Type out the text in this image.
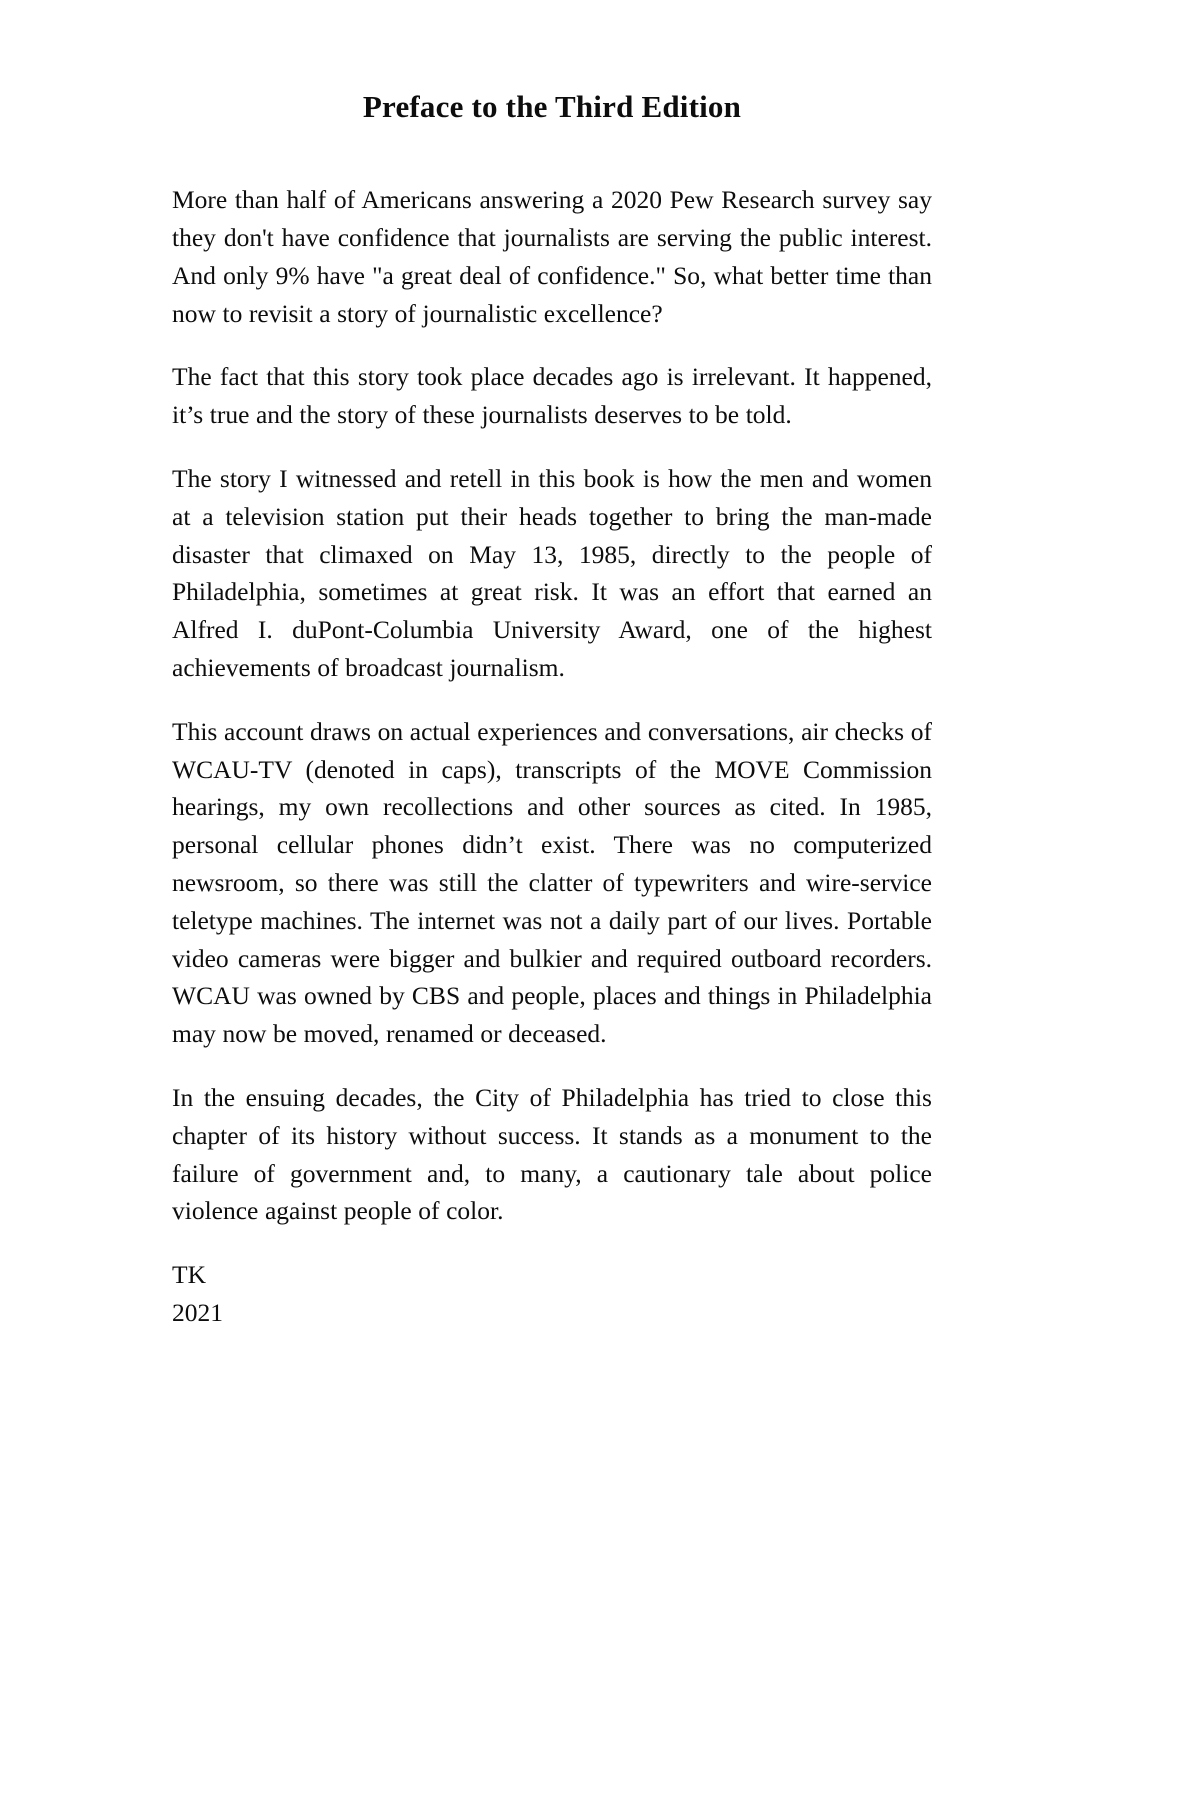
Preface to the Third Edition

More than half of Americans answering a 2020 Pew Research survey say they don't have confidence that journalists are serving the public interest. And only 9% have "a great deal of confidence." So, what better time than now to revisit a story of journalistic excellence?

The fact that this story took place decades ago is irrelevant. It happened, it’s true and the story of these journalists deserves to be told.

The story I witnessed and retell in this book is how the men and women at a television station put their heads together to bring the man-made disaster that climaxed on May 13, 1985, directly to the people of Philadelphia, sometimes at great risk. It was an effort that earned an Alfred I. duPont-Columbia University Award, one of the highest achievements of broadcast journalism.

This account draws on actual experiences and conversations, air checks of WCAU-TV (denoted in caps), transcripts of the MOVE Commission hearings, my own recollections and other sources as cited. In 1985, personal cellular phones didn’t exist. There was no computerized newsroom, so there was still the clatter of typewriters and wire-service teletype machines. The internet was not a daily part of our lives. Portable video cameras were bigger and bulkier and required outboard recorders. WCAU was owned by CBS and people, places and things in Philadelphia may now be moved, renamed or deceased.

In the ensuing decades, the City of Philadelphia has tried to close this chapter of its history without success. It stands as a monument to the failure of government and, to many, a cautionary tale about police violence against people of color.

TK
2021
